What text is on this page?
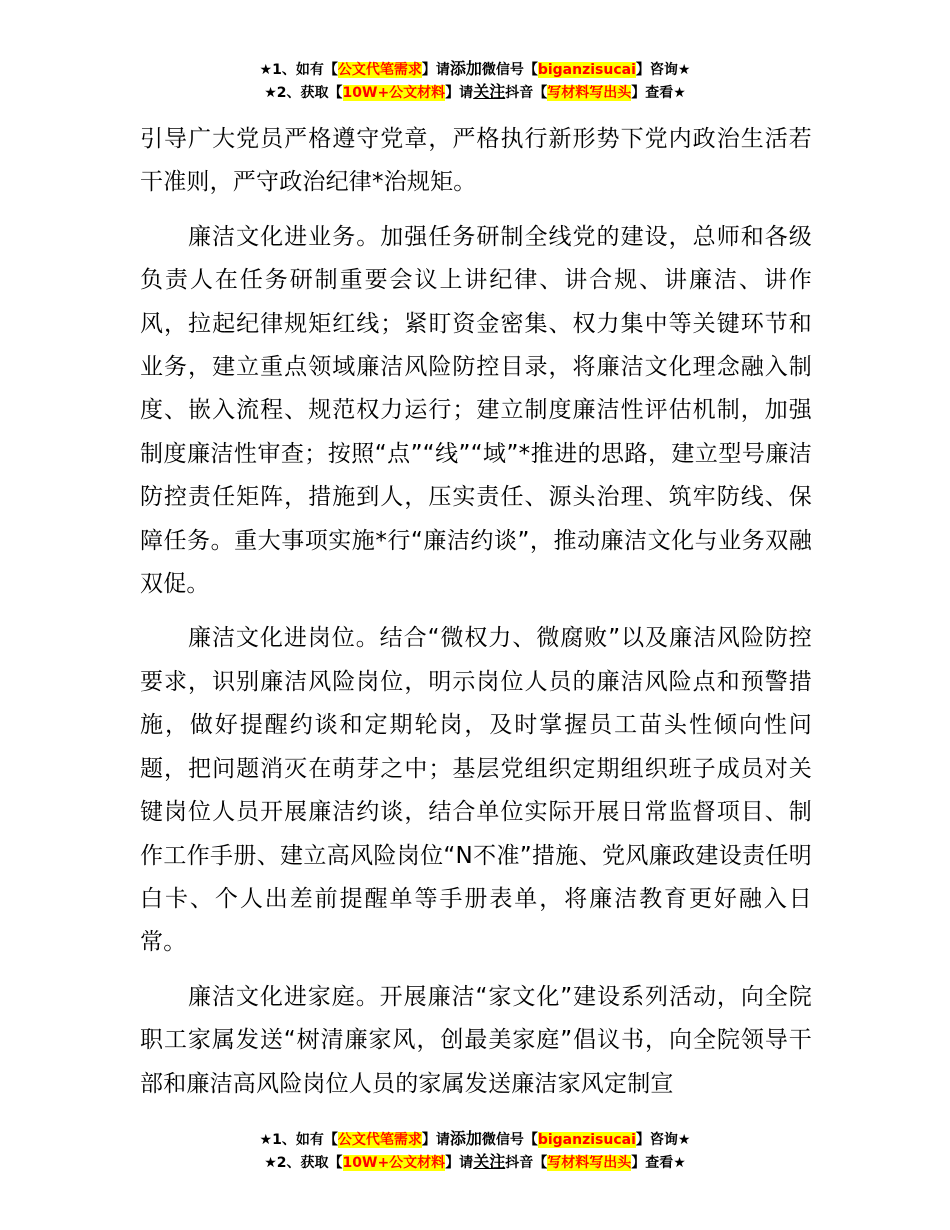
★1、如有【公文代笔需求】请添加微信号【biganzisucai】咨询★
★2、获取【10W+公文材料】请关注抖音【写材料写出头】查看★

引导广大党员严格遵守党章，严格执行新形势下党内政治生活若干准则，严守政治纪律*治规矩。

廉洁文化进业务。加强任务研制全线党的建设，总师和各级负责人在任务研制重要会议上讲纪律、讲合规、讲廉洁、讲作风，拉起纪律规矩红线；紧盯资金密集、权力集中等关键环节和业务，建立重点领域廉洁风险防控目录，将廉洁文化理念融入制度、嵌入流程、规范权力运行；建立制度廉洁性评估机制，加强制度廉洁性审查；按照“点”“线”“域”*推进的思路，建立型号廉洁防控责任矩阵，措施到人，压实责任、源头治理、筑牢防线、保障任务。重大事项实施*行“廉洁约谈”，推动廉洁文化与业务双融双促。

廉洁文化进岗位。结合“微权力、微腐败”以及廉洁风险防控要求，识别廉洁风险岗位，明示岗位人员的廉洁风险点和预警措施，做好提醒约谈和定期轮岗，及时掌握员工苗头性倾向性问题，把问题消灭在萌芽之中；基层党组织定期组织班子成员对关键岗位人员开展廉洁约谈，结合单位实际开展日常监督项目、制作工作手册、建立高风险岗位“N不准”措施、党风廉政建设责任明白卡、个人出差前提醒单等手册表单，将廉洁教育更好融入日常。

廉洁文化进家庭。开展廉洁“家文化”建设系列活动，向全院职工家属发送“树清廉家风，创最美家庭”倡议书，向全院领导干部和廉洁高风险岗位人员的家属发送廉洁家风定制宣

★1、如有【公文代笔需求】请添加微信号【biganzisucai】咨询★
★2、获取【10W+公文材料】请关注抖音【写材料写出头】查看★
